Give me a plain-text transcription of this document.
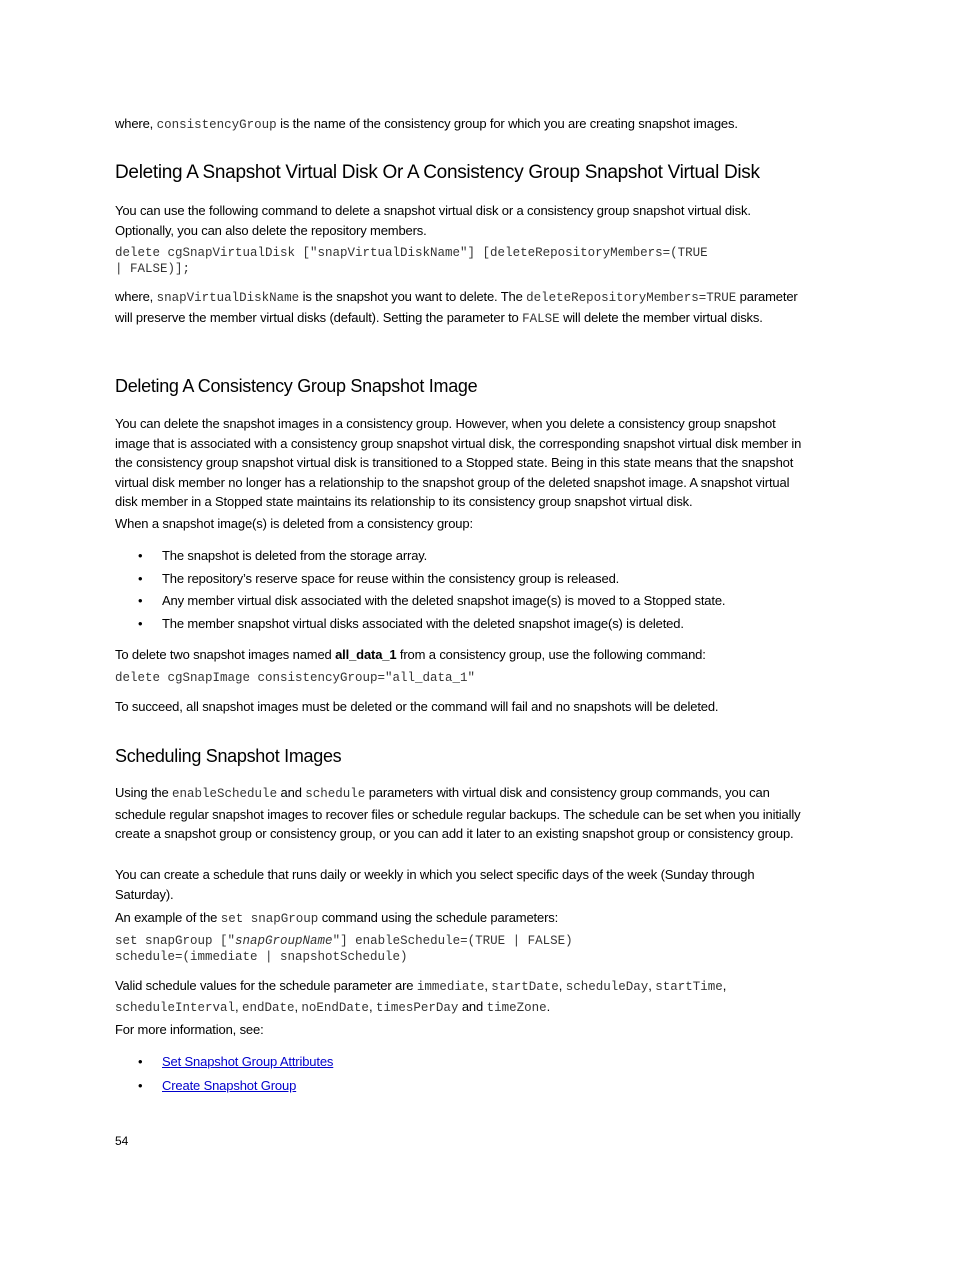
where, consistencyGroup is the name of the consistency group for which you are creating snapshot images.

Deleting A Snapshot Virtual Disk Or A Consistency Group Snapshot Virtual Disk

You can use the following command to delete a snapshot virtual disk or a consistency group snapshot virtual disk. Optionally, you can also delete the repository members.

delete cgSnapVirtualDisk ["snapVirtualDiskName"] [deleteRepositoryMembers=(TRUE
| FALSE)];

where, snapVirtualDiskName is the snapshot you want to delete. The deleteRepositoryMembers=TRUE parameter will preserve the member virtual disks (default). Setting the parameter to FALSE will delete the member virtual disks.

Deleting A Consistency Group Snapshot Image

You can delete the snapshot images in a consistency group. However, when you delete a consistency group snapshot image that is associated with a consistency group snapshot virtual disk, the corresponding snapshot virtual disk member in the consistency group snapshot virtual disk is transitioned to a Stopped state. Being in this state means that the snapshot virtual disk member no longer has a relationship to the snapshot group of the deleted snapshot image. A snapshot virtual disk member in a Stopped state maintains its relationship to its consistency group snapshot virtual disk.

When a snapshot image(s) is deleted from a consistency group:

• The snapshot is deleted from the storage array.
• The repository’s reserve space for reuse within the consistency group is released.
• Any member virtual disk associated with the deleted snapshot image(s) is moved to a Stopped state.
• The member snapshot virtual disks associated with the deleted snapshot image(s) is deleted.

To delete two snapshot images named all_data_1 from a consistency group, use the following command:

delete cgSnapImage consistencyGroup="all_data_1"

To succeed, all snapshot images must be deleted or the command will fail and no snapshots will be deleted.

Scheduling Snapshot Images

Using the enableSchedule and schedule parameters with virtual disk and consistency group commands, you can schedule regular snapshot images to recover files or schedule regular backups. The schedule can be set when you initially create a snapshot group or consistency group, or you can add it later to an existing snapshot group or consistency group.

You can create a schedule that runs daily or weekly in which you select specific days of the week (Sunday through Saturday).

An example of the set snapGroup command using the schedule parameters:

set snapGroup ["snapGroupName"] enableSchedule=(TRUE | FALSE)
schedule=(immediate | snapshotSchedule)

Valid schedule values for the schedule parameter are immediate, startDate, scheduleDay, startTime, scheduleInterval, endDate, noEndDate, timesPerDay and timeZone.

For more information, see:

• Set Snapshot Group Attributes
• Create Snapshot Group
54
